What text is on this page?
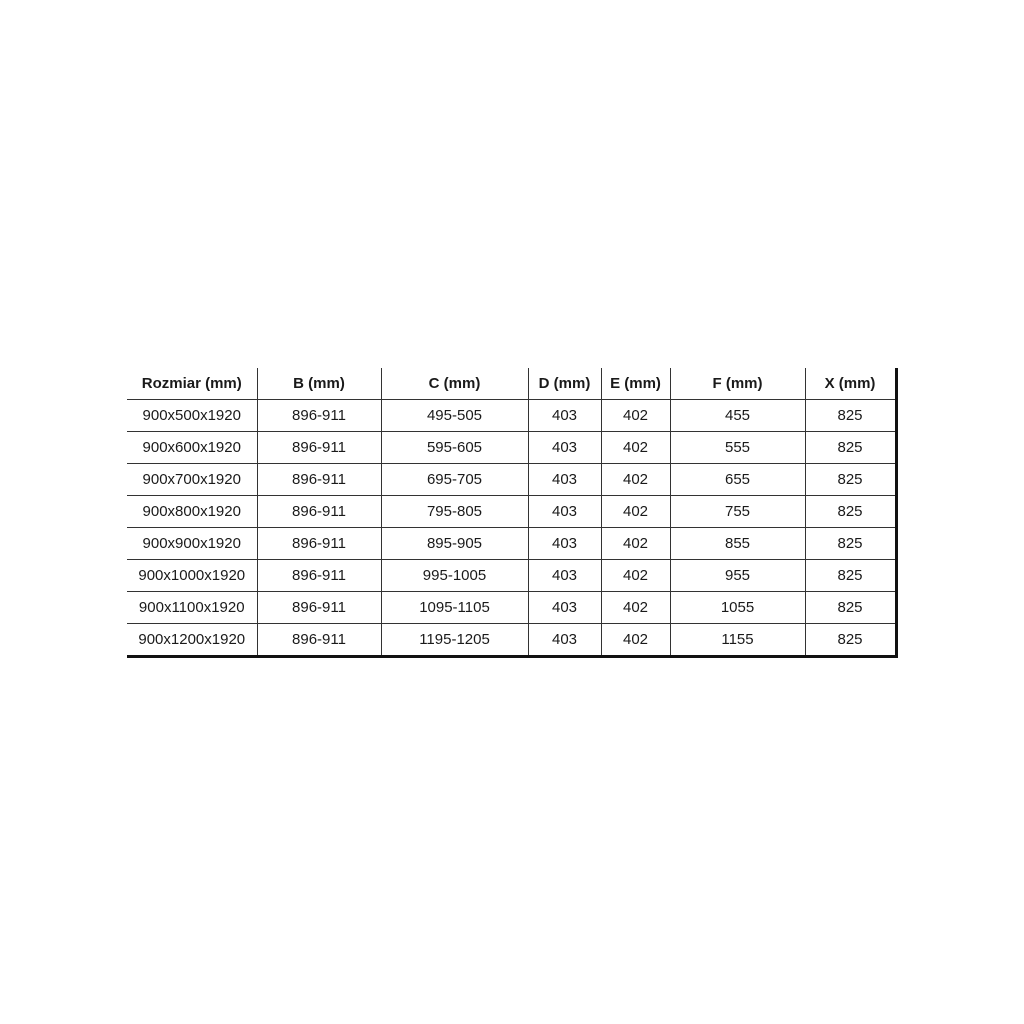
Rozmiar (mm)	B (mm)	C (mm)	D (mm)	E (mm)	F (mm)	X (mm)
900x500x1920	896-911	495-505	403	402	455	825
900x600x1920	896-911	595-605	403	402	555	825
900x700x1920	896-911	695-705	403	402	655	825
900x800x1920	896-911	795-805	403	402	755	825
900x900x1920	896-911	895-905	403	402	855	825
900x1000x1920	896-911	995-1005	403	402	955	825
900x1100x1920	896-911	1095-1105	403	402	1055	825
900x1200x1920	896-911	1195-1205	403	402	1155	825
